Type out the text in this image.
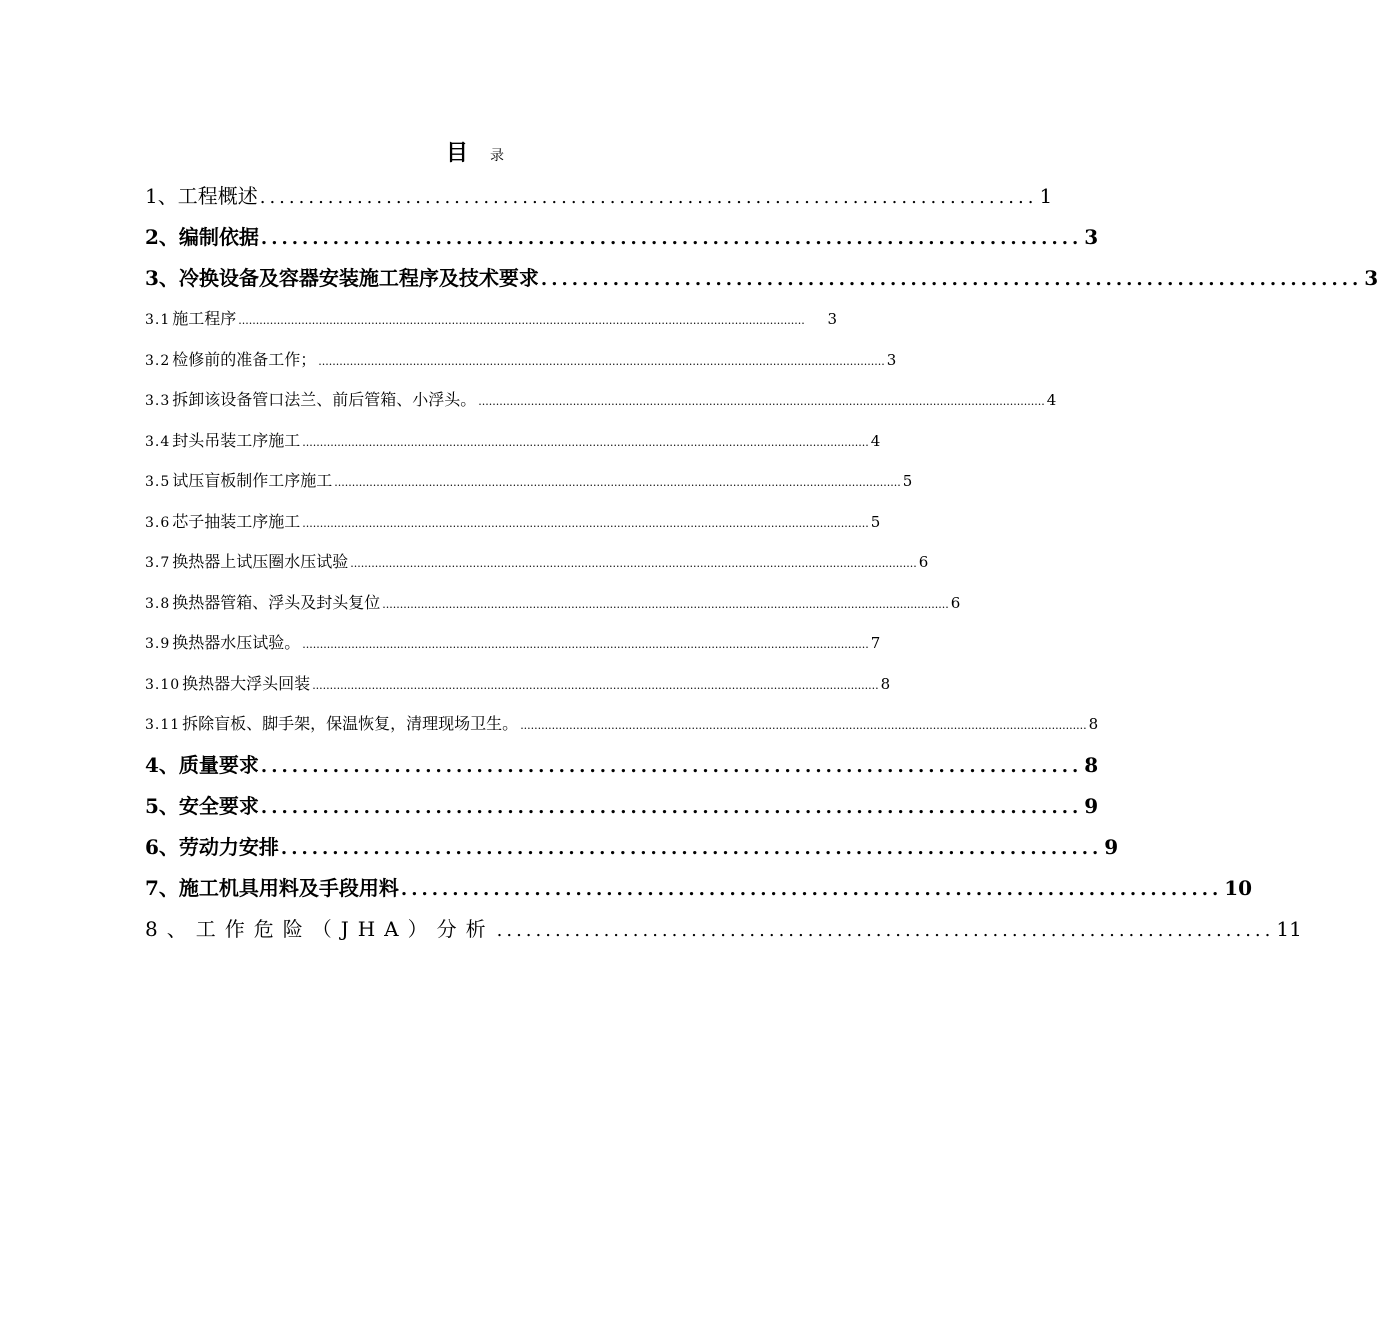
目 录
1、工程概述 ................................................................................ 1
2、编制依据 ................................................................................ 3
3、冷换设备及容器安装施工程序及技术要求 ................................................................................ 3
3.1 施工程序 ..................................................................................................................................................................	3
3.2 检修前的准备工作； .................................................................................................................................................................. 3
3.3 拆卸该设备管口法兰、前后管箱、小浮头。 .................................................................................................................................................................. 4
3.4 封头吊装工序施工 .................................................................................................................................................................. 4
3.5 试压盲板制作工序施工 .................................................................................................................................................................. 5
3.6 芯子抽装工序施工 .................................................................................................................................................................. 5
3.7 换热器上试压圈水压试验 .................................................................................................................................................................. 6
3.8 换热器管箱、浮头及封头复位 .................................................................................................................................................................. 6
3.9 换热器水压试验。 .................................................................................................................................................................. 7
3.10 换热器大浮头回装 .................................................................................................................................................................. 8
3.11 拆除盲板、脚手架，保温恢复，清理现场卫生。 .................................................................................................................................................................. 8
4、质量要求 ................................................................................ 8
5、安全要求 ................................................................................ 9
6、劳动力安排 ................................................................................ 9
7、施工机具用料及手段用料 ................................................................................ 10
8、工作危险（JHA）分析 ................................................................................ 11
